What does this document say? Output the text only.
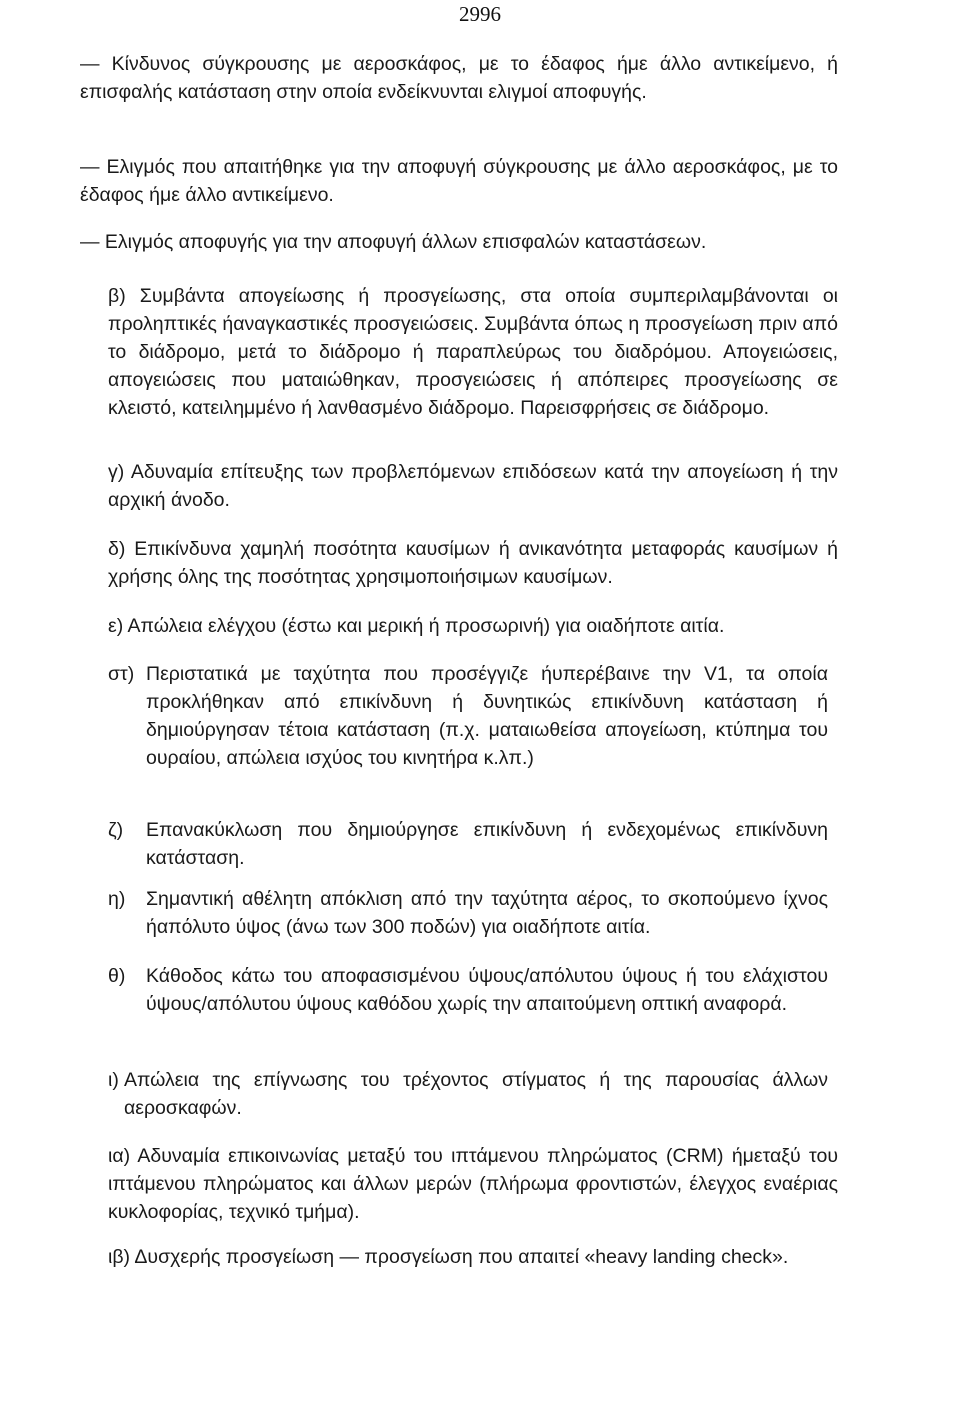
2996

— Κίνδυνος σύγκρουσης με αεροσκάφος, με το έδαφος ήμε άλλο αντικείμενο, ή επισφαλής κατάσταση στην οποία ενδείκνυνται ελιγμοί αποφυγής.

— Ελιγμός που απαιτήθηκε για την αποφυγή σύγκρουσης με άλλο αεροσκάφος, με το έδαφος ήμε άλλο αντικείμενο.

— Ελιγμός αποφυγής για την αποφυγή άλλων επισφαλών καταστάσεων.

β) Συμβάντα απογείωσης ή προσγείωσης, στα οποία συμπεριλαμβάνονται οι προληπτικές ήαναγκαστικές προσγειώσεις. Συμβάντα όπως η προσγείωση πριν από το διάδρομο, μετά το διάδρομο ή παραπλεύρως του διαδρόμου. Απογειώσεις, απογειώσεις που ματαιώθηκαν, προσγειώσεις ή απόπειρες προσγείωσης σε κλειστό, κατειλημμένο ή λανθασμένο διάδρομο. Παρεισφρήσεις σε διάδρομο.

γ) Αδυναμία επίτευξης των προβλεπόμενων επιδόσεων κατά την απογείωση ή την αρχική άνοδο.

δ) Επικίνδυνα χαμηλή ποσότητα καυσίμων ή ανικανότητα μεταφοράς καυσίμων ή χρήσης όλης της ποσότητας χρησιμοποιήσιμων καυσίμων.

ε) Απώλεια ελέγχου (έστω και μερική ή προσωρινή) για οιαδήποτε αιτία.

στ) Περιστατικά με ταχύτητα που προσέγγιζε ήυπερέβαινε την V1, τα οποία προκλήθηκαν από επικίνδυνη ή δυνητικώς επικίνδυνη κατάσταση ή δημιούργησαν τέτοια κατάσταση (π.χ. ματαιωθείσα απογείωση, κτύπημα του ουραίου, απώλεια ισχύος του κινητήρα κ.λπ.)
ζ) Επανακύκλωση που δημιούργησε επικίνδυνη ή ενδεχομένως επικίνδυνη κατάσταση.
η) Σημαντική αθέλητη απόκλιση από την ταχύτητα αέρος, το σκοπούμενο ίχνος ήαπόλυτο ύψος (άνω των 300 ποδών) για οιαδήποτε αιτία.
θ) Κάθοδος κάτω του αποφασισμένου ύψους/απόλυτου ύψους ή του ελάχιστου ύψους/απόλυτου ύψους καθόδου χωρίς την απαιτούμενη οπτική αναφορά.
ι) Απώλεια της επίγνωσης του τρέχοντος στίγματος ή της παρουσίας άλλων αεροσκαφών.

ια) Αδυναμία επικοινωνίας μεταξύ του ιπτάμενου πληρώματος (CRM) ήμεταξύ του ιπτάμενου πληρώματος και άλλων μερών (πλήρωμα φροντιστών, έλεγχος εναέριας κυκλοφορίας, τεχνικό τμήμα).

ιβ) Δυσχερής προσγείωση — προσγείωση που απαιτεί «heavy landing check».
